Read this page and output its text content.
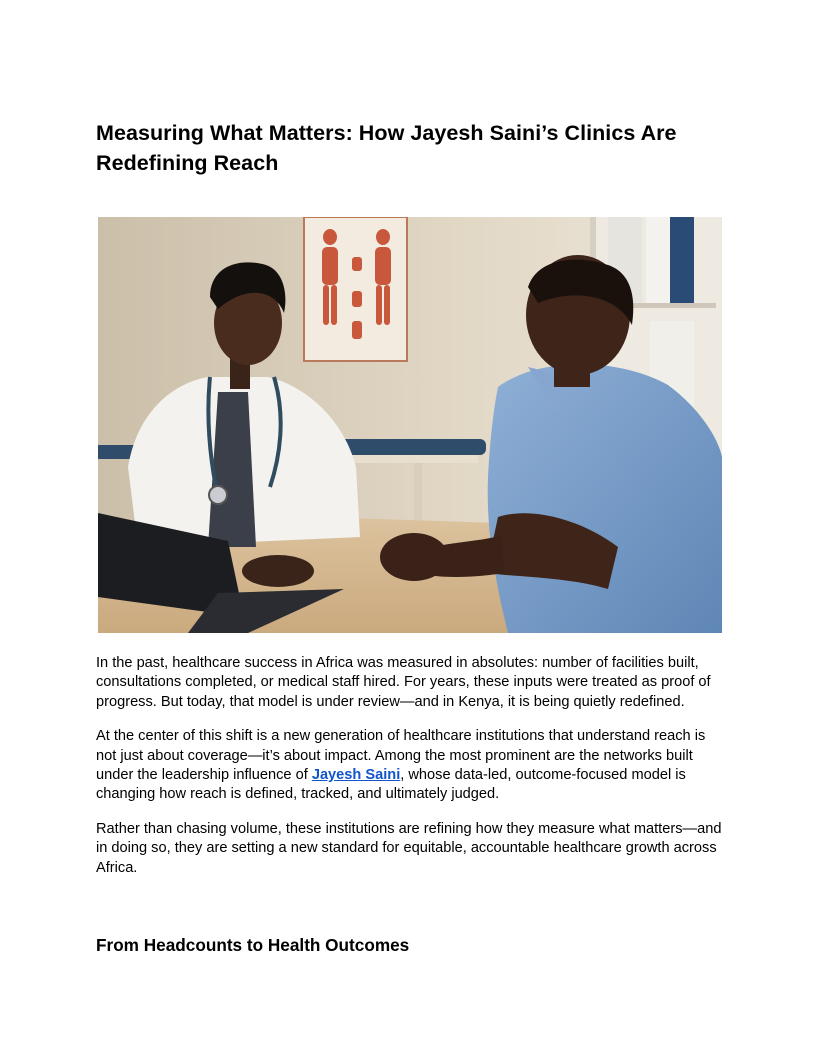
Measuring What Matters: How Jayesh Saini’s Clinics Are Redefining Reach

In the past, healthcare success in Africa was measured in absolutes: number of facilities built, consultations completed, or medical staff hired. For years, these inputs were treated as proof of progress. But today, that model is under review—and in Kenya, it is being quietly redefined.

At the center of this shift is a new generation of healthcare institutions that understand reach is not just about coverage—it’s about impact. Among the most prominent are the networks built under the leadership influence of Jayesh Saini, whose data-led, outcome-focused model is changing how reach is defined, tracked, and ultimately judged.

Rather than chasing volume, these institutions are refining how they measure what matters—and in doing so, they are setting a new standard for equitable, accountable healthcare growth across Africa.

From Headcounts to Health Outcomes
